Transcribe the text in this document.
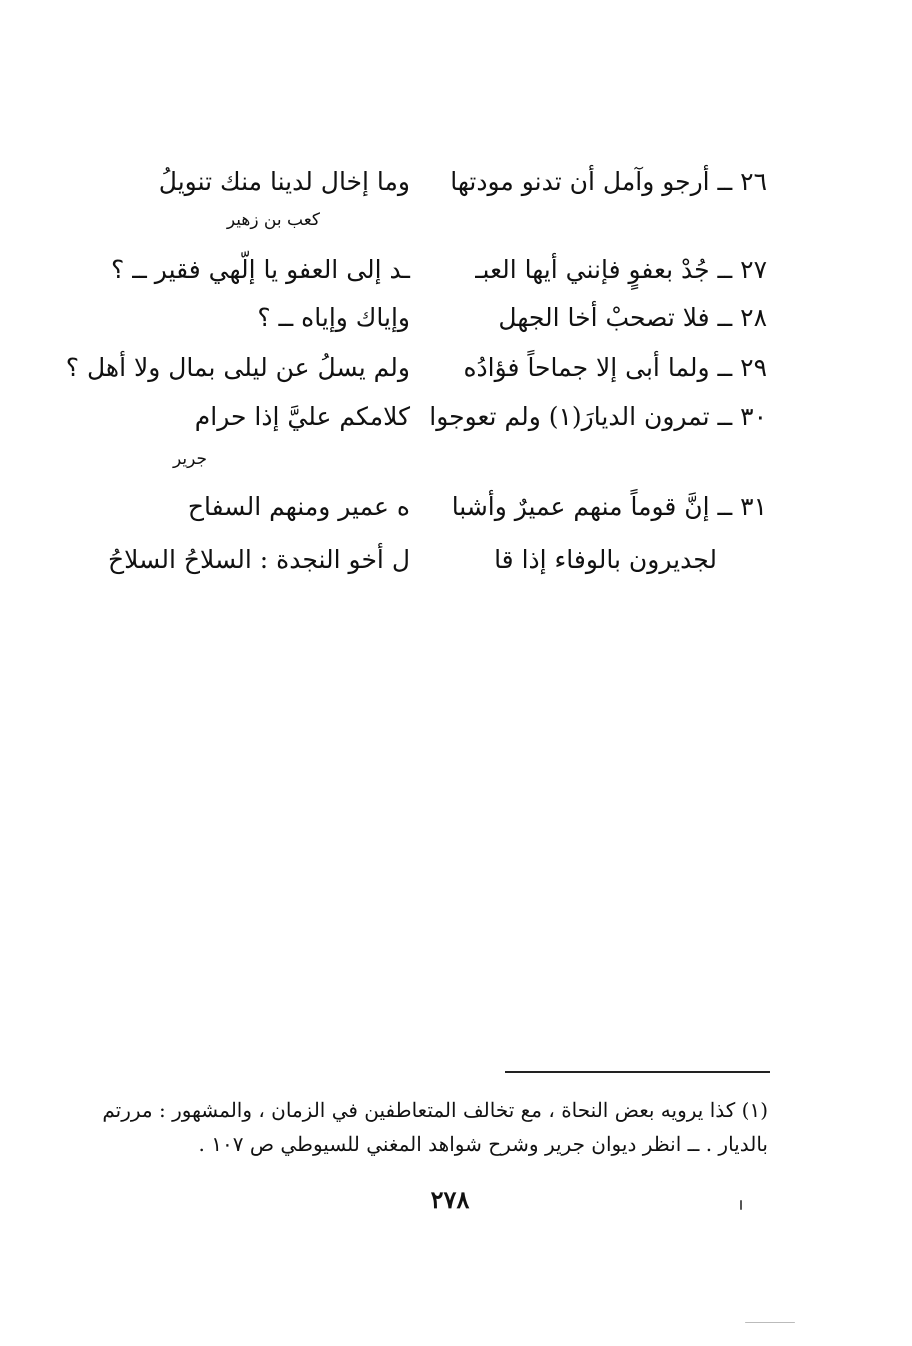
٢٦ ــ أرجو وآمل أن تدنو مودتها
وما إخال لدينا منك تنويلُ
كعب بن زهير
٢٧ ــ جُدْ بعفوٍ فإنني أيها العبـ
ـد إلى العفو يا إلّهي فقير ــ ؟
٢٨ ــ فلا تصحبْ أخا الجهل
وإياك وإياه ــ ؟
٢٩ ــ ولما أبى إلا جماحاً فؤادُه
ولم يسلُ عن ليلى بمال ولا أهل ؟
٣٠ ــ تمرون الديارَ(١) ولم تعوجوا
كلامكم عليَّ إذا حرام
جرير
٣١ ــ إنَّ قوماً منهم عميرٌ وأشبا
ه عمير ومنهم السفاح
لجديرون بالوفاء إذا قا
ل أخو النجدة : السلاحُ السلاحُ
(١) كذا يرويه بعض النحاة ، مع تخالف المتعاطفين في الزمان ، والمشهور : مررتم
بالديار . ــ انظر ديوان جرير وشرح شواهد المغني للسيوطي ص ١٠٧ .
٢٧٨
